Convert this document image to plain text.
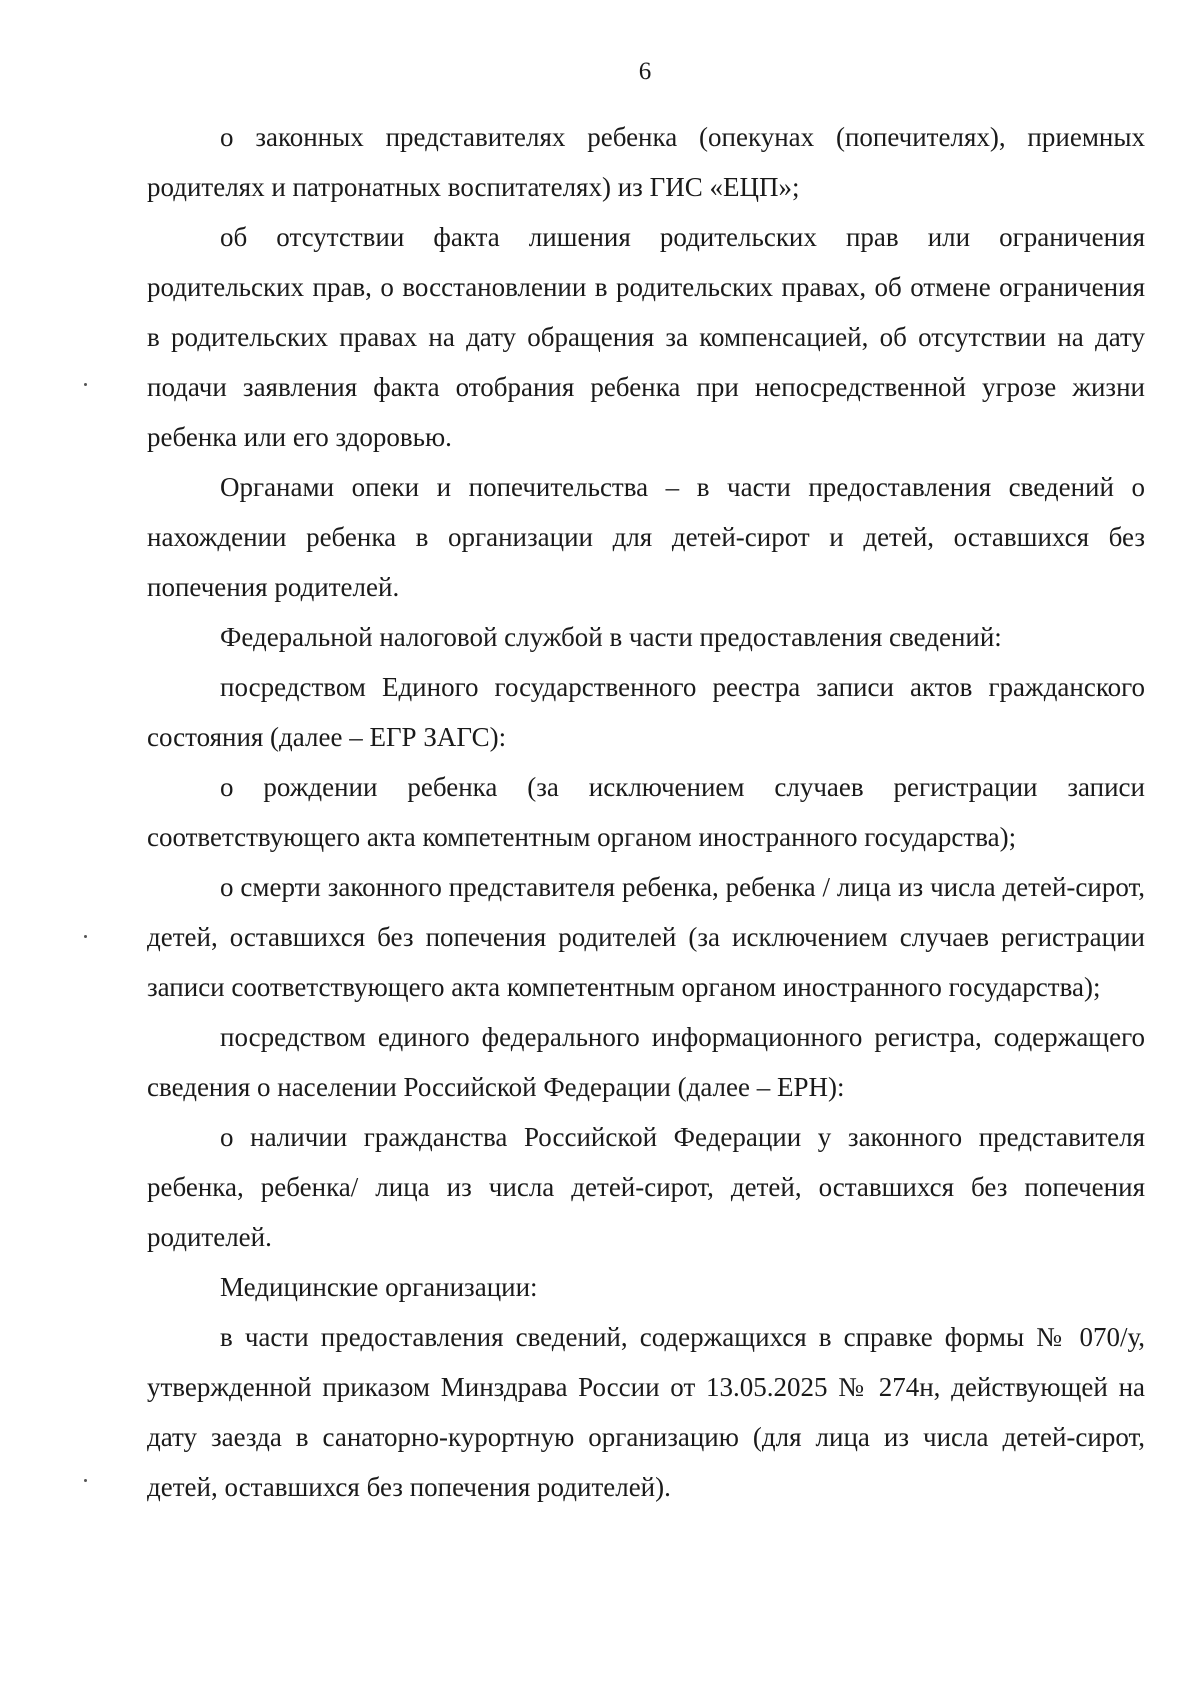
6

о законных представителях ребенка (опекунах (попечителях), приемных родителях и патронатных воспитателях) из ГИС «ЕЦП»;

об отсутствии факта лишения родительских прав или ограничения родительских прав, о восстановлении в родительских правах, об отмене ограничения в родительских правах на дату обращения за компенсацией, об отсутствии на дату подачи заявления факта отобрания ребенка при непосредственной угрозе жизни ребенка или его здоровью.

Органами опеки и попечительства – в части предоставления сведений о нахождении ребенка в организации для детей-сирот и детей, оставшихся без попечения родителей.

Федеральной налоговой службой в части предоставления сведений:

посредством Единого государственного реестра записи актов гражданского состояния (далее – ЕГР ЗАГС):

о рождении ребенка (за исключением случаев регистрации записи соответствующего акта компетентным органом иностранного государства);

о смерти законного представителя ребенка, ребенка / лица из числа детей-сирот, детей, оставшихся без попечения родителей (за исключением случаев регистрации записи соответствующего акта компетентным органом иностранного государства);

посредством единого федерального информационного регистра, содержащего сведения о населении Российской Федерации (далее – ЕРН):

о наличии гражданства Российской Федерации у законного представителя ребенка, ребенка/ лица из числа детей-сирот, детей, оставшихся без попечения родителей.

Медицинские организации:

в части предоставления сведений, содержащихся в справке формы № 070/у, утвержденной приказом Минздрава России от 13.05.2025 № 274н, действующей на дату заезда в санаторно-курортную организацию (для лица из числа детей-сирот, детей, оставшихся без попечения родителей).
